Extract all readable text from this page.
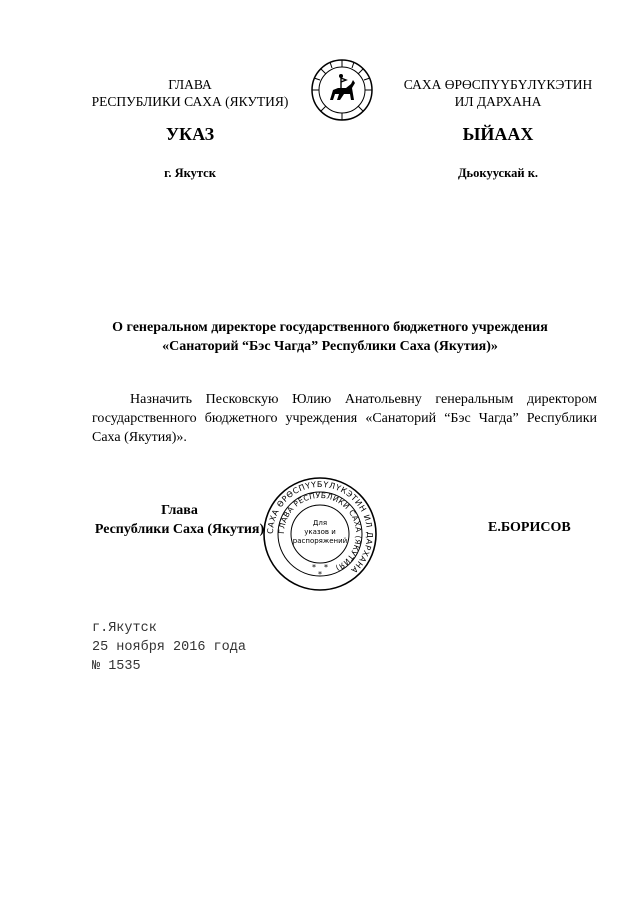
ГЛАВА
РЕСПУБЛИКИ САХА (ЯКУТИЯ)
САХА ӨРӨСПҮҮБҮЛҮКЭТИН
ИЛ ДАРХАНА
УКАЗ	ЫЙААХ
г. Якутск	Дьокуускай к.
О генеральном директоре государственного бюджетного учреждения
«Санаторий “Бэс Чагда” Республики Саха (Якутия)»
Назначить Песковскую Юлию Анатольевну генеральным директором государственного бюджетного учреждения «Санаторий “Бэс Чагда” Республики Саха (Якутия)».
Глава
Республики Саха (Якутия) САХА ӨРӨСПҮҮБҮЛҮКЭТИН ИЛ ДАРХАНА
ГЛАВА РЕСПУБЛИКИ САХА (ЯКУТИЯ)
Для
указов и
распоряжений
* *
*
Е.БОРИСОВ
г.Якутск
25 ноября 2016 года
№ 1535
